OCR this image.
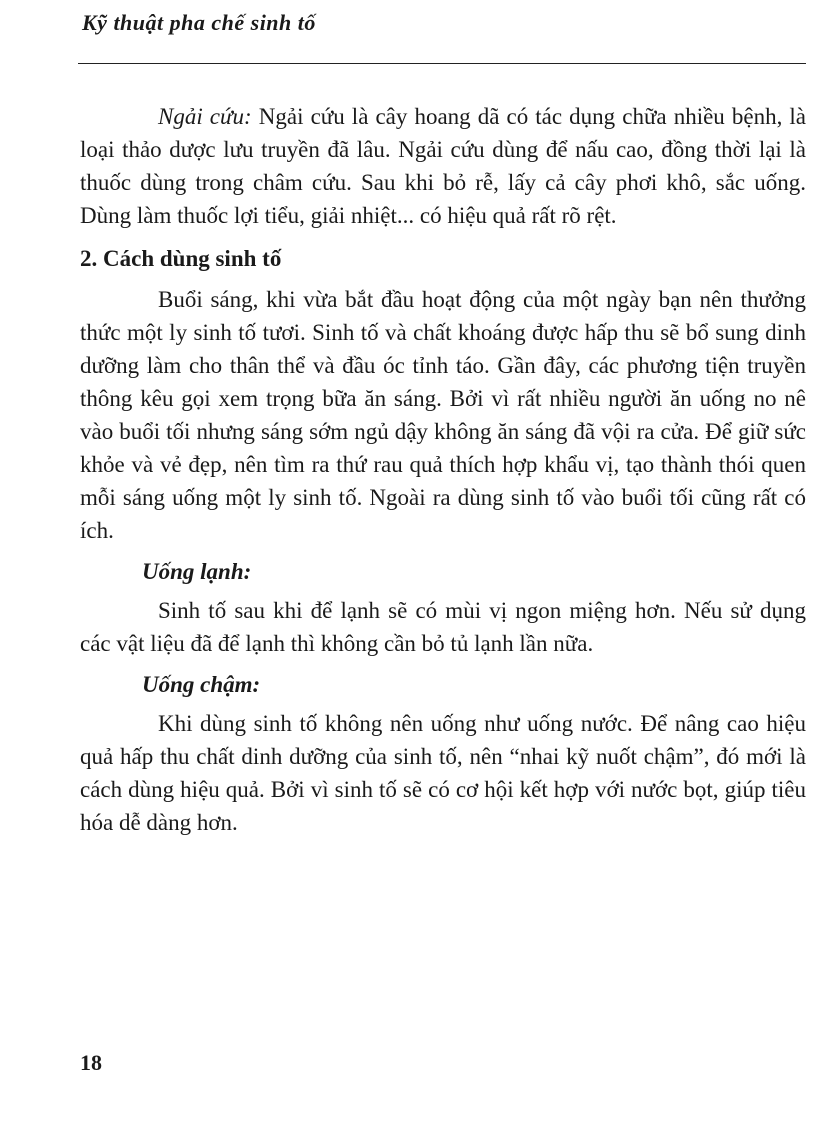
Kỹ thuật pha chế sinh tố

Ngải cứu: Ngải cứu là cây hoang dã có tác dụng chữa nhiều bệnh, là loại thảo dược lưu truyền đã lâu. Ngải cứu dùng để nấu cao, đồng thời lại là thuốc dùng trong châm cứu. Sau khi bỏ rễ, lấy cả cây phơi khô, sắc uống. Dùng làm thuốc lợi tiểu, giải nhiệt... có hiệu quả rất rõ rệt.

2. Cách dùng sinh tố

Buổi sáng, khi vừa bắt đầu hoạt động của một ngày bạn nên thưởng thức một ly sinh tố tươi. Sinh tố và chất khoáng được hấp thu sẽ bổ sung dinh dưỡng làm cho thân thể và đầu óc tỉnh táo. Gần đây, các phương tiện truyền thông kêu gọi xem trọng bữa ăn sáng. Bởi vì rất nhiều người ăn uống no nê vào buổi tối nhưng sáng sớm ngủ dậy không ăn sáng đã vội ra cửa. Để giữ sức khỏe và vẻ đẹp, nên tìm ra thứ rau quả thích hợp khẩu vị, tạo thành thói quen mỗi sáng uống một ly sinh tố. Ngoài ra dùng sinh tố vào buổi tối cũng rất có ích.

Uống lạnh:

Sinh tố sau khi để lạnh sẽ có mùi vị ngon miệng hơn. Nếu sử dụng các vật liệu đã để lạnh thì không cần bỏ tủ lạnh lần nữa.

Uống chậm:

Khi dùng sinh tố không nên uống như uống nước. Để nâng cao hiệu quả hấp thu chất dinh dưỡng của sinh tố, nên “nhai kỹ nuốt chậm”, đó mới là cách dùng hiệu quả. Bởi vì sinh tố sẽ có cơ hội kết hợp với nước bọt, giúp tiêu hóa dễ dàng hơn.

18
